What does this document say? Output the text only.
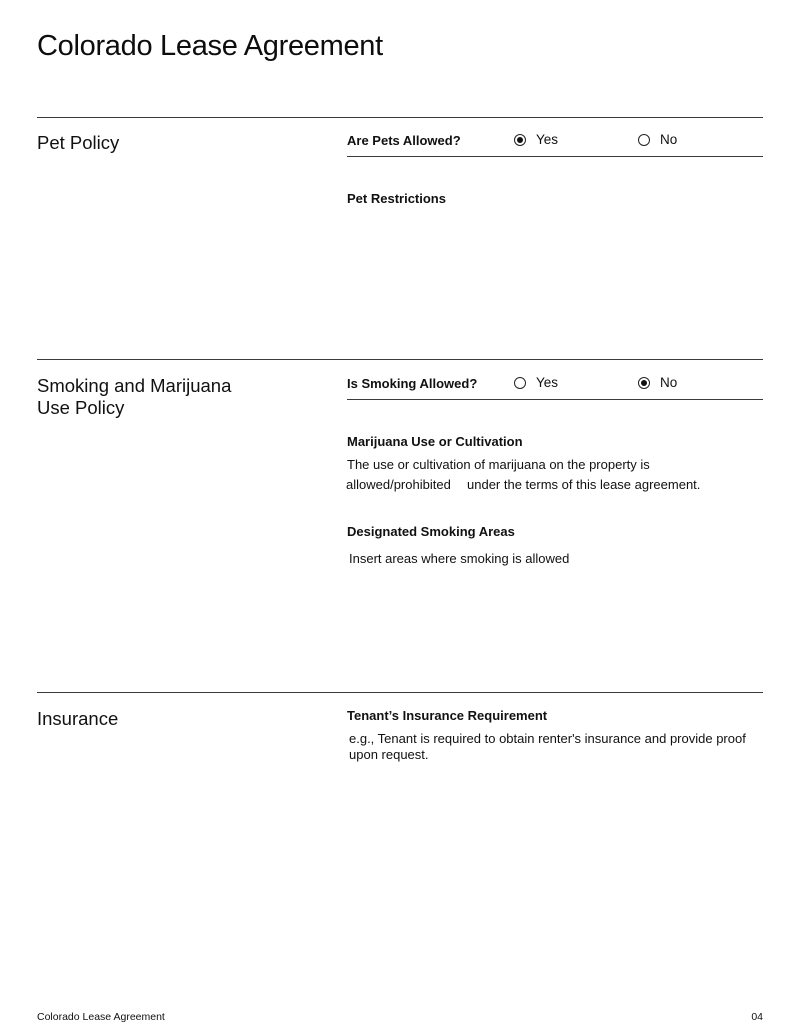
Colorado Lease Agreement
Pet Policy	Are Pets Allowed?	Yes	No
Pet Restrictions
Smoking and Marijuana
Use Policy
Is Smoking Allowed?	Yes	No
Marijuana Use or Cultivation
The use or cultivation of marijuana on the property is
allowed/prohibited under the terms of this lease agreement.
Designated Smoking Areas
Insert areas where smoking is allowed
Insurance	Tenant’s Insurance Requirement
e.g., Tenant is required to obtain renter's insurance and provide proof
upon request.
Colorado Lease Agreement	04
